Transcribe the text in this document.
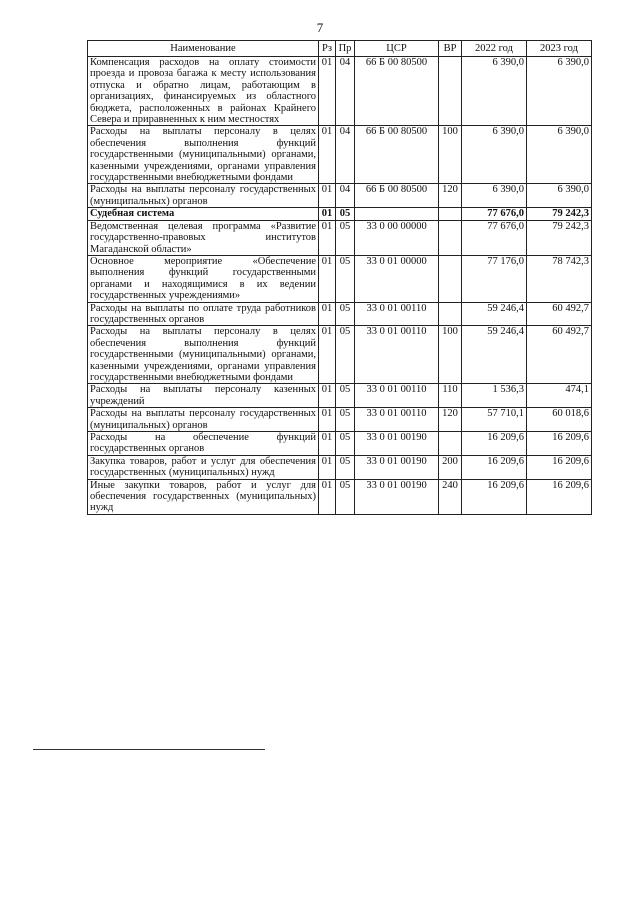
7
Наименование	Рз	Пр	ЦСР	ВР	2022 год	2023 год
Компенсация расходов на оплату стоимости проезда и провоза багажа к месту использования отпуска и обратно лицам, работающим в организациях, финансируемых из областного бюджета, расположенных в районах Крайнего Севера и приравненных к ним местностях	01	04	66 Б 00 80500		6 390,0	6 390,0
Расходы на выплаты персоналу в целях обеспечения выполнения функций государственными (муниципальными) органами, казенными учреждениями, органами управления государственными внебюджетными фондами	01	04	66 Б 00 80500	100	6 390,0	6 390,0
Расходы на выплаты персоналу государственных (муниципальных) органов	01	04	66 Б 00 80500	120	6 390,0	6 390,0
Судебная система	01	05			77 676,0	79 242,3
Ведомственная целевая программа «Развитие государственно-правовых институтов Магаданской области»	01	05	33 0 00 00000		77 676,0	79 242,3
Основное мероприятие «Обеспечение выполнения функций государственными органами и находящимися в их ведении государственных учреждениями»	01	05	33 0 01 00000		77 176,0	78 742,3
Расходы на выплаты по оплате труда работников государственных органов	01	05	33 0 01 00110		59 246,4	60 492,7
Расходы на выплаты персоналу в целях обеспечения выполнения функций государственными (муниципальными) органами, казенными учреждениями, органами управления государственными внебюджетными фондами	01	05	33 0 01 00110	100	59 246,4	60 492,7
Расходы на выплаты персоналу казенных учреждений	01	05	33 0 01 00110	110	1 536,3	474,1
Расходы на выплаты персоналу государственных (муниципальных) органов	01	05	33 0 01 00110	120	57 710,1	60 018,6
Расходы на обеспечение функций государственных органов	01	05	33 0 01 00190		16 209,6	16 209,6
Закупка товаров, работ и услуг для обеспечения государственных (муниципальных) нужд	01	05	33 0 01 00190	200	16 209,6	16 209,6
Иные закупки товаров, работ и услуг для обеспечения государственных (муниципальных) нужд	01	05	33 0 01 00190	240	16 209,6	16 209,6
